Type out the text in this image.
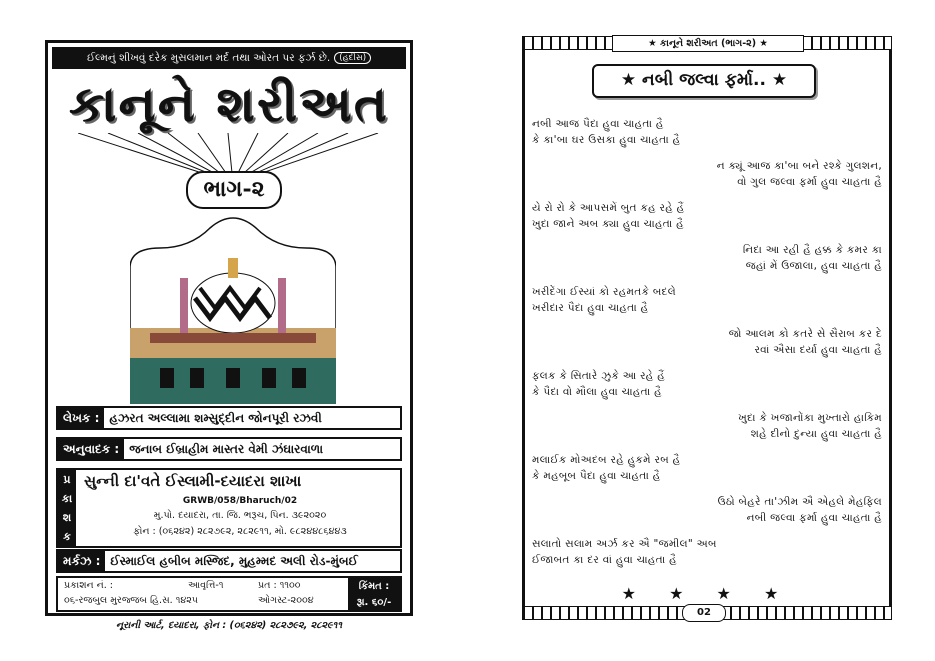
ઈલ્મનું શીખવું દરેક મુસલમાન મર્દ તથા ઓરત પર ફર્ઝ છે.	(હદીસ)
કાનૂને શરીઅત
ભાગ-૨
લેખક : હઝરત અલ્લામા શમ્સુદ્દીન જોનપૂરી રઝવી
અનુવાદક : જનાબ ઈબ્રાહીમ માસ્તર વેમી ઝંઘારવાળા
પ્ર
કા
શ
ક
સુન્ની દા'વતે ઈસ્લામી-દયાદરા શાખા
GRWB/058/Bharuch/02
મુ.પો. દયાદરા, તા. જિ. ભરૂચ, પિન. ૩૯૨૦૨૦
ફોન : (૦૬૨૪૨) ૨૮૨૭૯૨, ૨૮૨૯૧૧, મો. ૯૮૨૪૪૮૬૪૪૩
મર્કઝ : ઈસ્માઈલ હબીબ મસ્જિદ, મુહમ્મદ અલી રોડ-મુંબઈ
પ્રકાશન નં. :	આવૃત્તિ-૧	પ્રત : ૧૧૦૦
૦૬-રજબુલ મુરજ્જબ હિ.સ. ૧૪૨૫	ઓગસ્ટ-૨૦૦૪
કિંમત :
રૂા. ૬૦/-
નૂરાની આર્ટ, દયાદરા, ફોન : (૦૬૨૪૨) ૨૮૨૭૯૨, ૨૮૨૯૧૧
★ કાનૂને શરીઅત (ભાગ-૨) ★
★ નબી જલ્વા ફર્મા.. ★
નબી આજ પૈદા હુવા ચાહતા હૈ
કે કા'બા ઘર ઉસકા હુવા ચાહતા હૈ
ન ક્યૂં આજ કા'બા બને રશ્કે ગુલશન,
વો ગુલ જલ્વા ફર્મા હુવા ચાહતા હૈ
યે રો રો કે આપસમેં બુત કહ રહે હૈં
ખુદા જાને અબ ક્યા હુવા ચાહતા હૈ
નિદા આ રહી હૈ હક્ક કે કમર કા
જહાં મેં ઉજાલા, હુવા ચાહતા હૈ
ખરીદેંગા ઈસ્યાં કો રહમતકે બદલે
ખરીદાર પૈદા હુવા ચાહતા હૈ
જો આલમ કો કતરે સે સૈરાબ કર દે
રવાં ઐસા દર્યા હુવા ચાહતા હૈ
ફલક કે સિતારે ઝુકે આ રહે હૈં
કે પૈદા વો મૌલા હુવા ચાહતા હૈ
ખુદા કે ખજાનોંકા મુખ્તારો હાકિમ
શહે દીનો દુન્યા હુવા ચાહતા હૈ
મલાઈક મોઅદબ રહે હુકમે રબ હૈ
કે મહબૂબ પૈદા હુવા ચાહતા હૈ
ઉઠો બેહરે તા'ઝીમ ઐ એહલે મેહફિલ
નબી જલ્વા ફર્મા હુવા ચાહતા હૈ
સલાતો સલામ અર્ઝ કર ઐ "જમીલ" અબ
ઈજાબત કા દર વાં હુવા ચાહતા હૈ
★ ★ ★ ★
02
